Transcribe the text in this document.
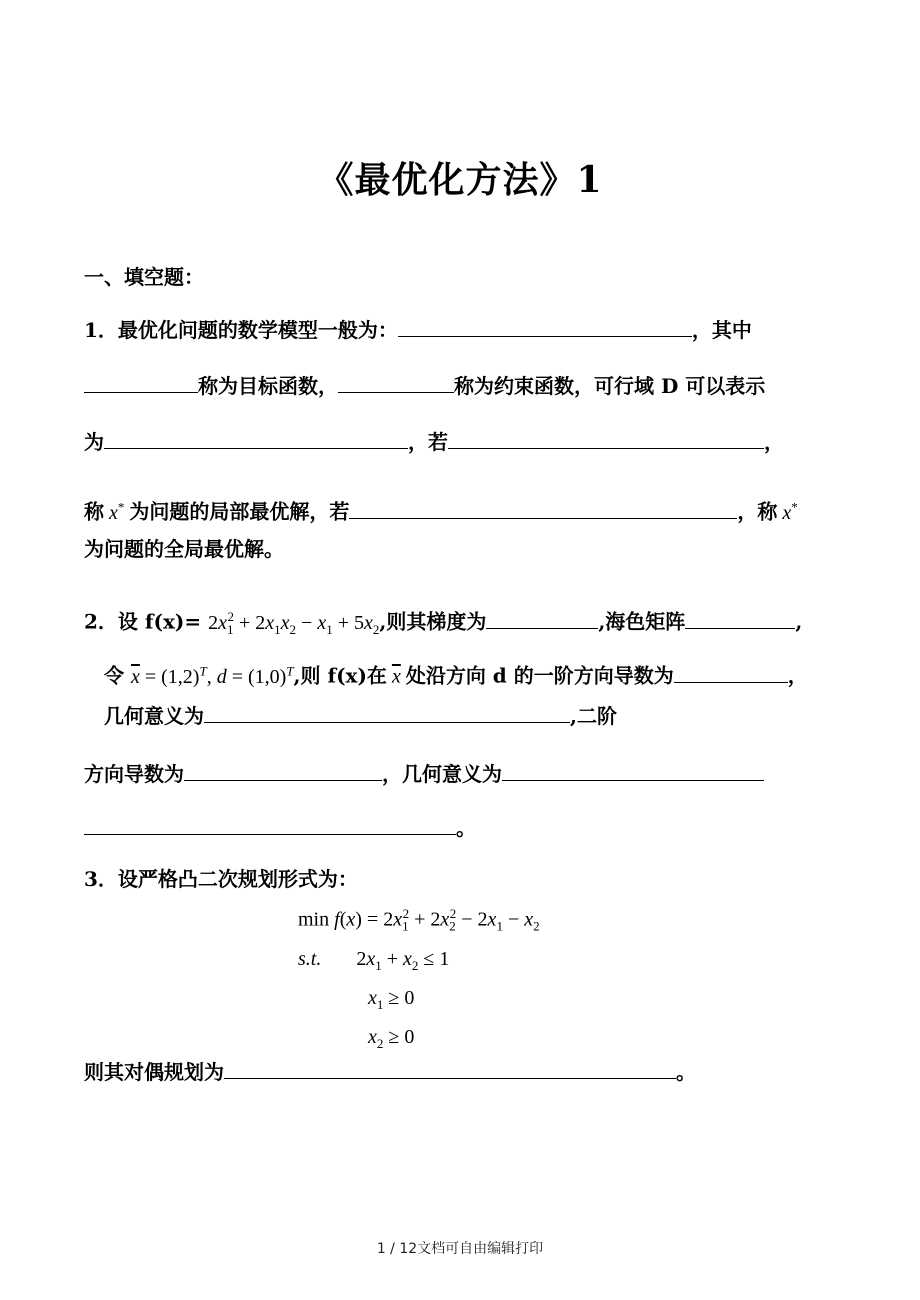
《最优化方法》1
一、填空题：
1．最优化问题的数学模型一般为：	，其中
称为目标函数，	称为约束函数，可行域 D 可以表示
为	，若	，
称 x* 为问题的局部最优解，若	，称 x*
为问题的全局最优解。
2．设 $f(x)= 2x_1^2 + 2x_1x_2 - x_1 + 5x_2$,则其梯度为	,海色矩阵	,
令 $\overline{x} = (1,2)^T$, $d = (1,0)^T$,则 f(x)在 $\overline{x}$ 处沿方向 d 的一阶方向导数为	，
几何意义为	,二阶
方向导数为	，几何意义为
。
3．设严格凸二次规划形式为：
$\min f(x) = 2x_1^2 + 2x_2^2 - 2x_1 - x_2$
s.t.       $2x_1 + x_2 \le 1$
$x_1 \ge 0$
$x_2 \ge 0$
则其对偶规划为	。
1 / 12文档可自由编辑打印
